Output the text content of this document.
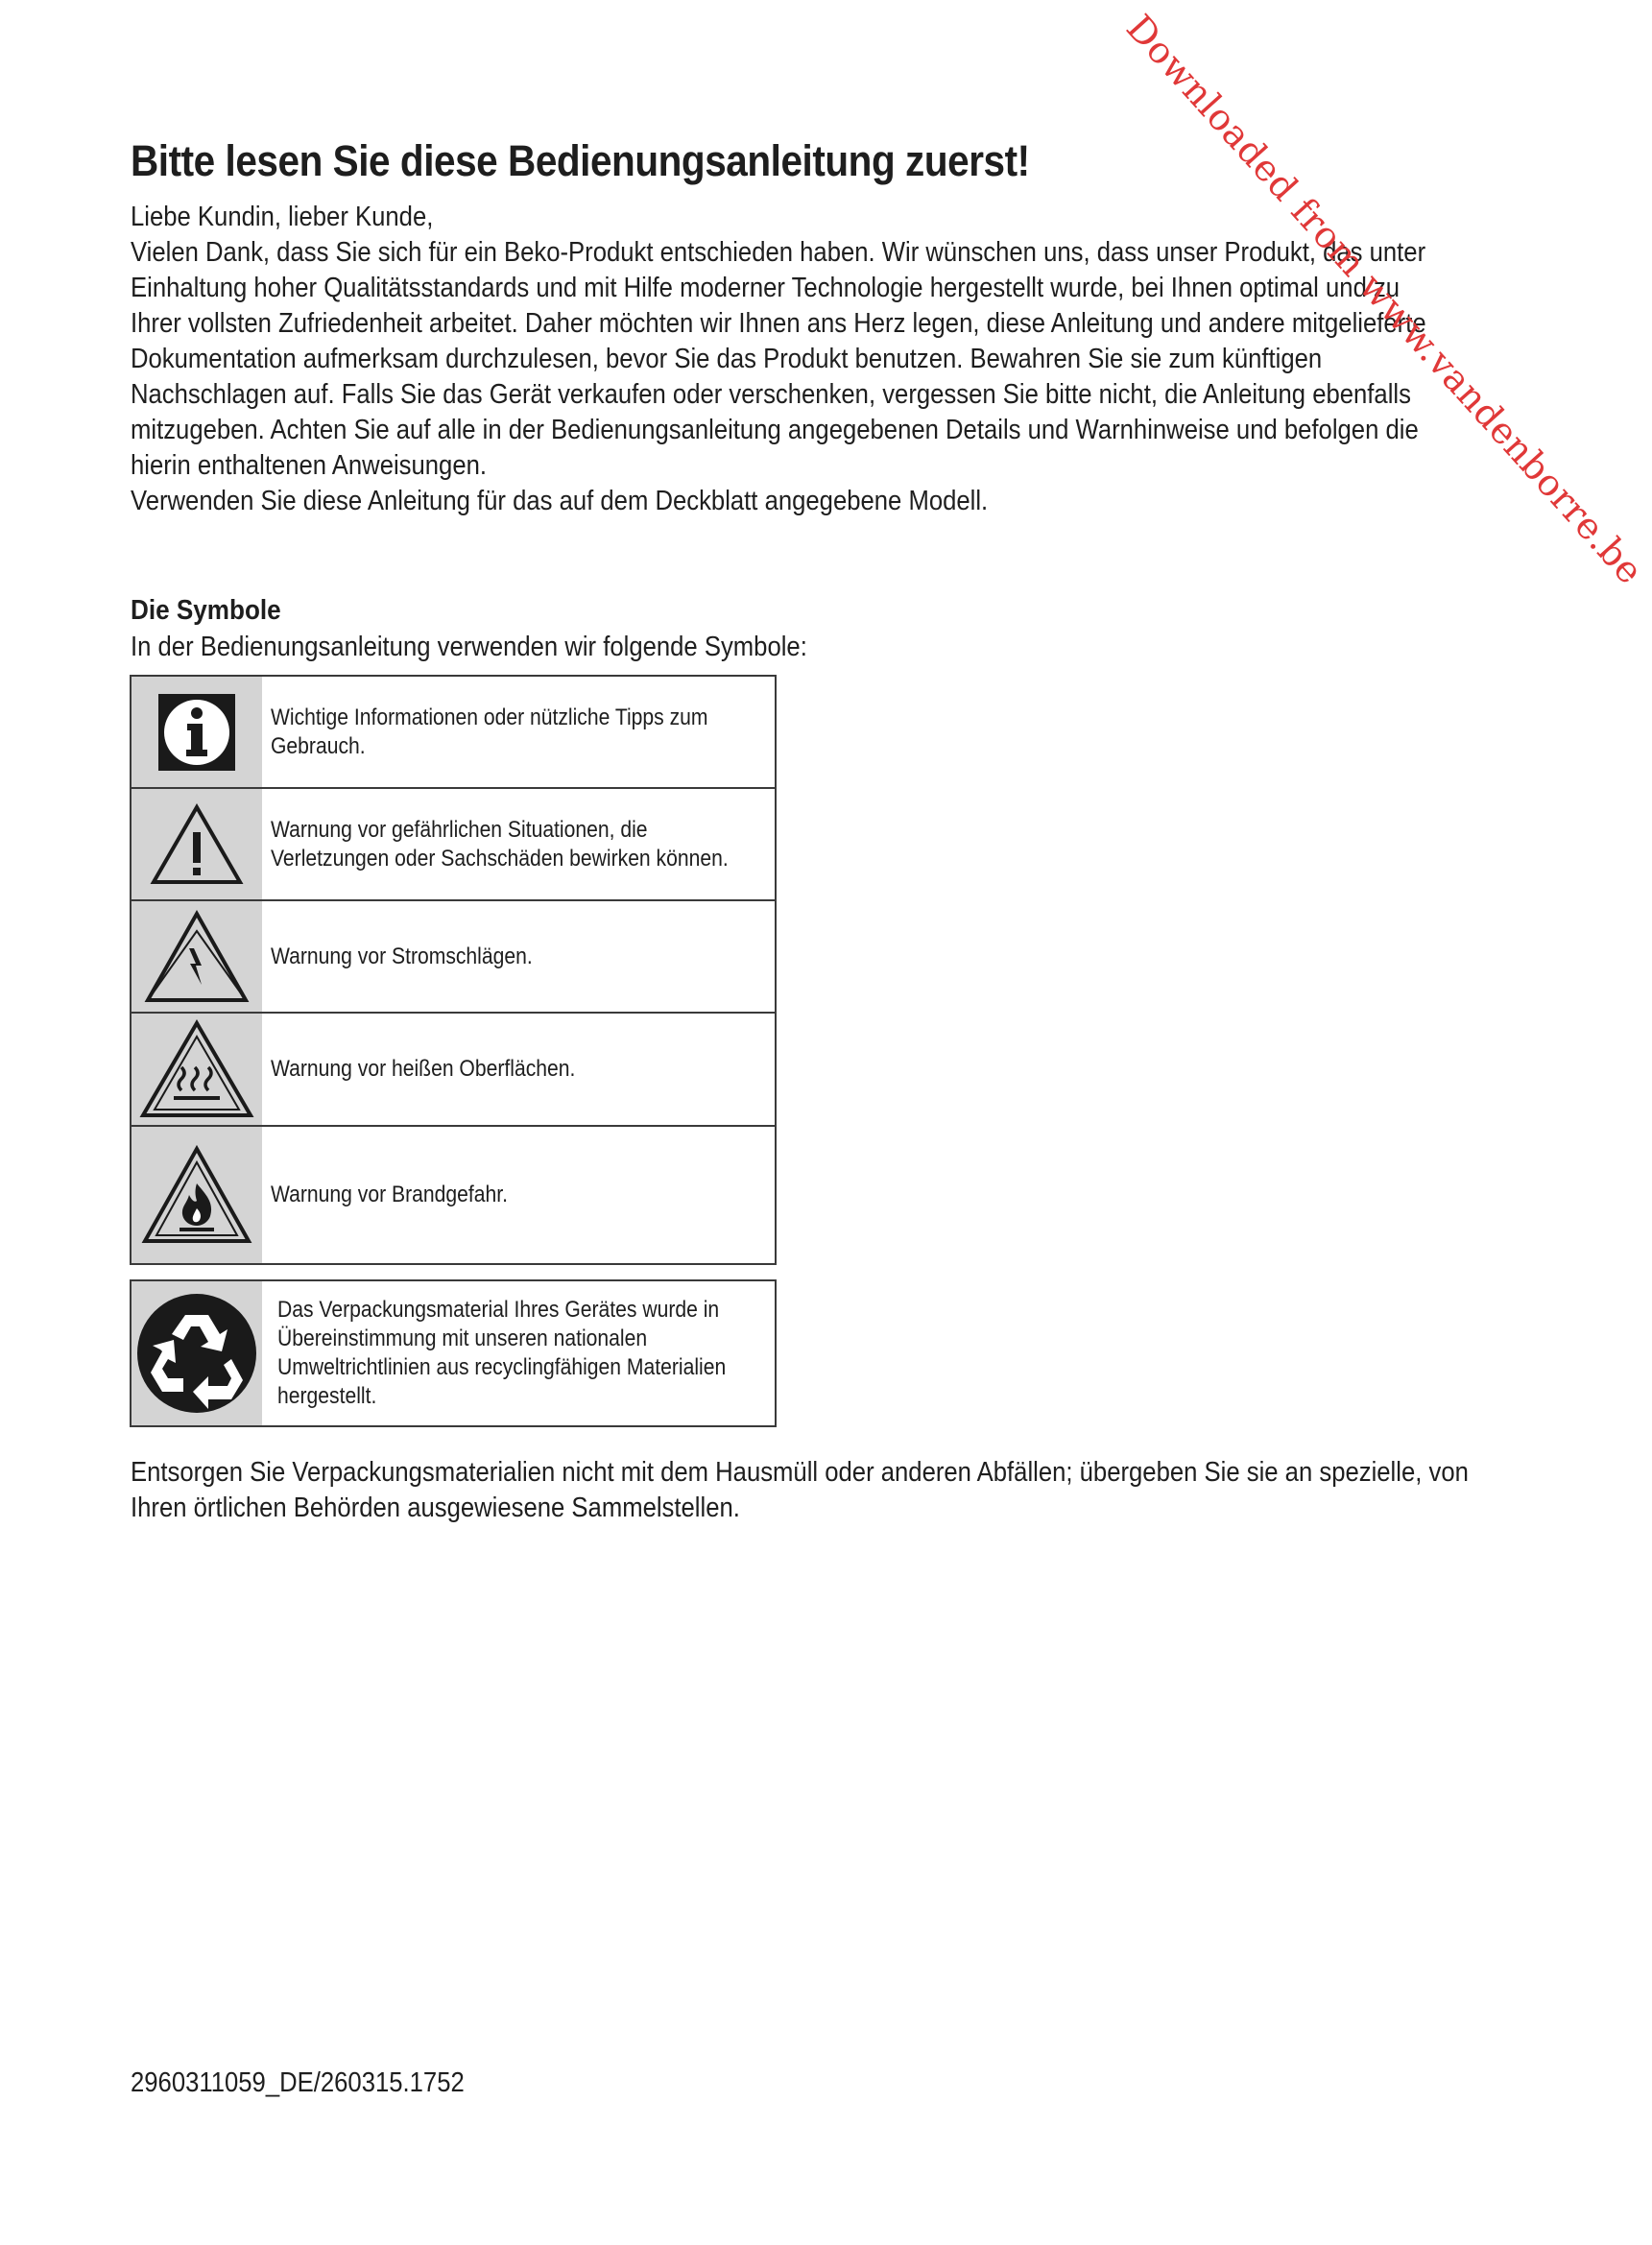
Bitte lesen Sie diese Bedienungsanleitung zuerst!

Liebe Kundin, lieber Kunde,

Vielen Dank, dass Sie sich für ein Beko-Produkt entschieden haben. Wir wünschen uns, dass unser Produkt, das unter Einhaltung hoher Qualitätsstandards und mit Hilfe moderner Technologie hergestellt wurde, bei Ihnen optimal und zu Ihrer vollsten Zufriedenheit arbeitet. Daher möchten wir Ihnen ans Herz legen, diese Anleitung und andere mitgelieferte Dokumentation aufmerksam durchzulesen, bevor Sie das Produkt benutzen. Bewahren Sie sie zum künftigen Nachschlagen auf. Falls Sie das Gerät verkaufen oder verschenken, vergessen Sie bitte nicht, die Anleitung ebenfalls mitzugeben. Achten Sie auf alle in der Bedienungsanleitung angegebenen Details und Warnhinweise und befolgen die hierin enthaltenen Anweisungen.

Verwenden Sie diese Anleitung für das auf dem Deckblatt angegebene Modell.

Die Symbole
In der Bedienungsanleitung verwenden wir folgende Symbole:
Wichtige Informationen oder nützliche Tipps zum Gebrauch.
Warnung vor gefährlichen Situationen, die Verletzungen oder Sachschäden bewirken können.
Warnung vor Stromschlägen.
Warnung vor heißen Oberflächen.
Warnung vor Brandgefahr.
Das Verpackungsmaterial Ihres Gerätes wurde in Übereinstimmung mit unseren nationalen Umweltrichtlinien aus recyclingfähigen Materialien hergestellt.

Entsorgen Sie Verpackungsmaterialien nicht mit dem Hausmüll oder anderen Abfällen; übergeben Sie sie an spezielle, von Ihren örtlichen Behörden ausgewiesene Sammelstellen.

2960311059_DE/260315.1752
Downloaded from www.vandenborre.be
